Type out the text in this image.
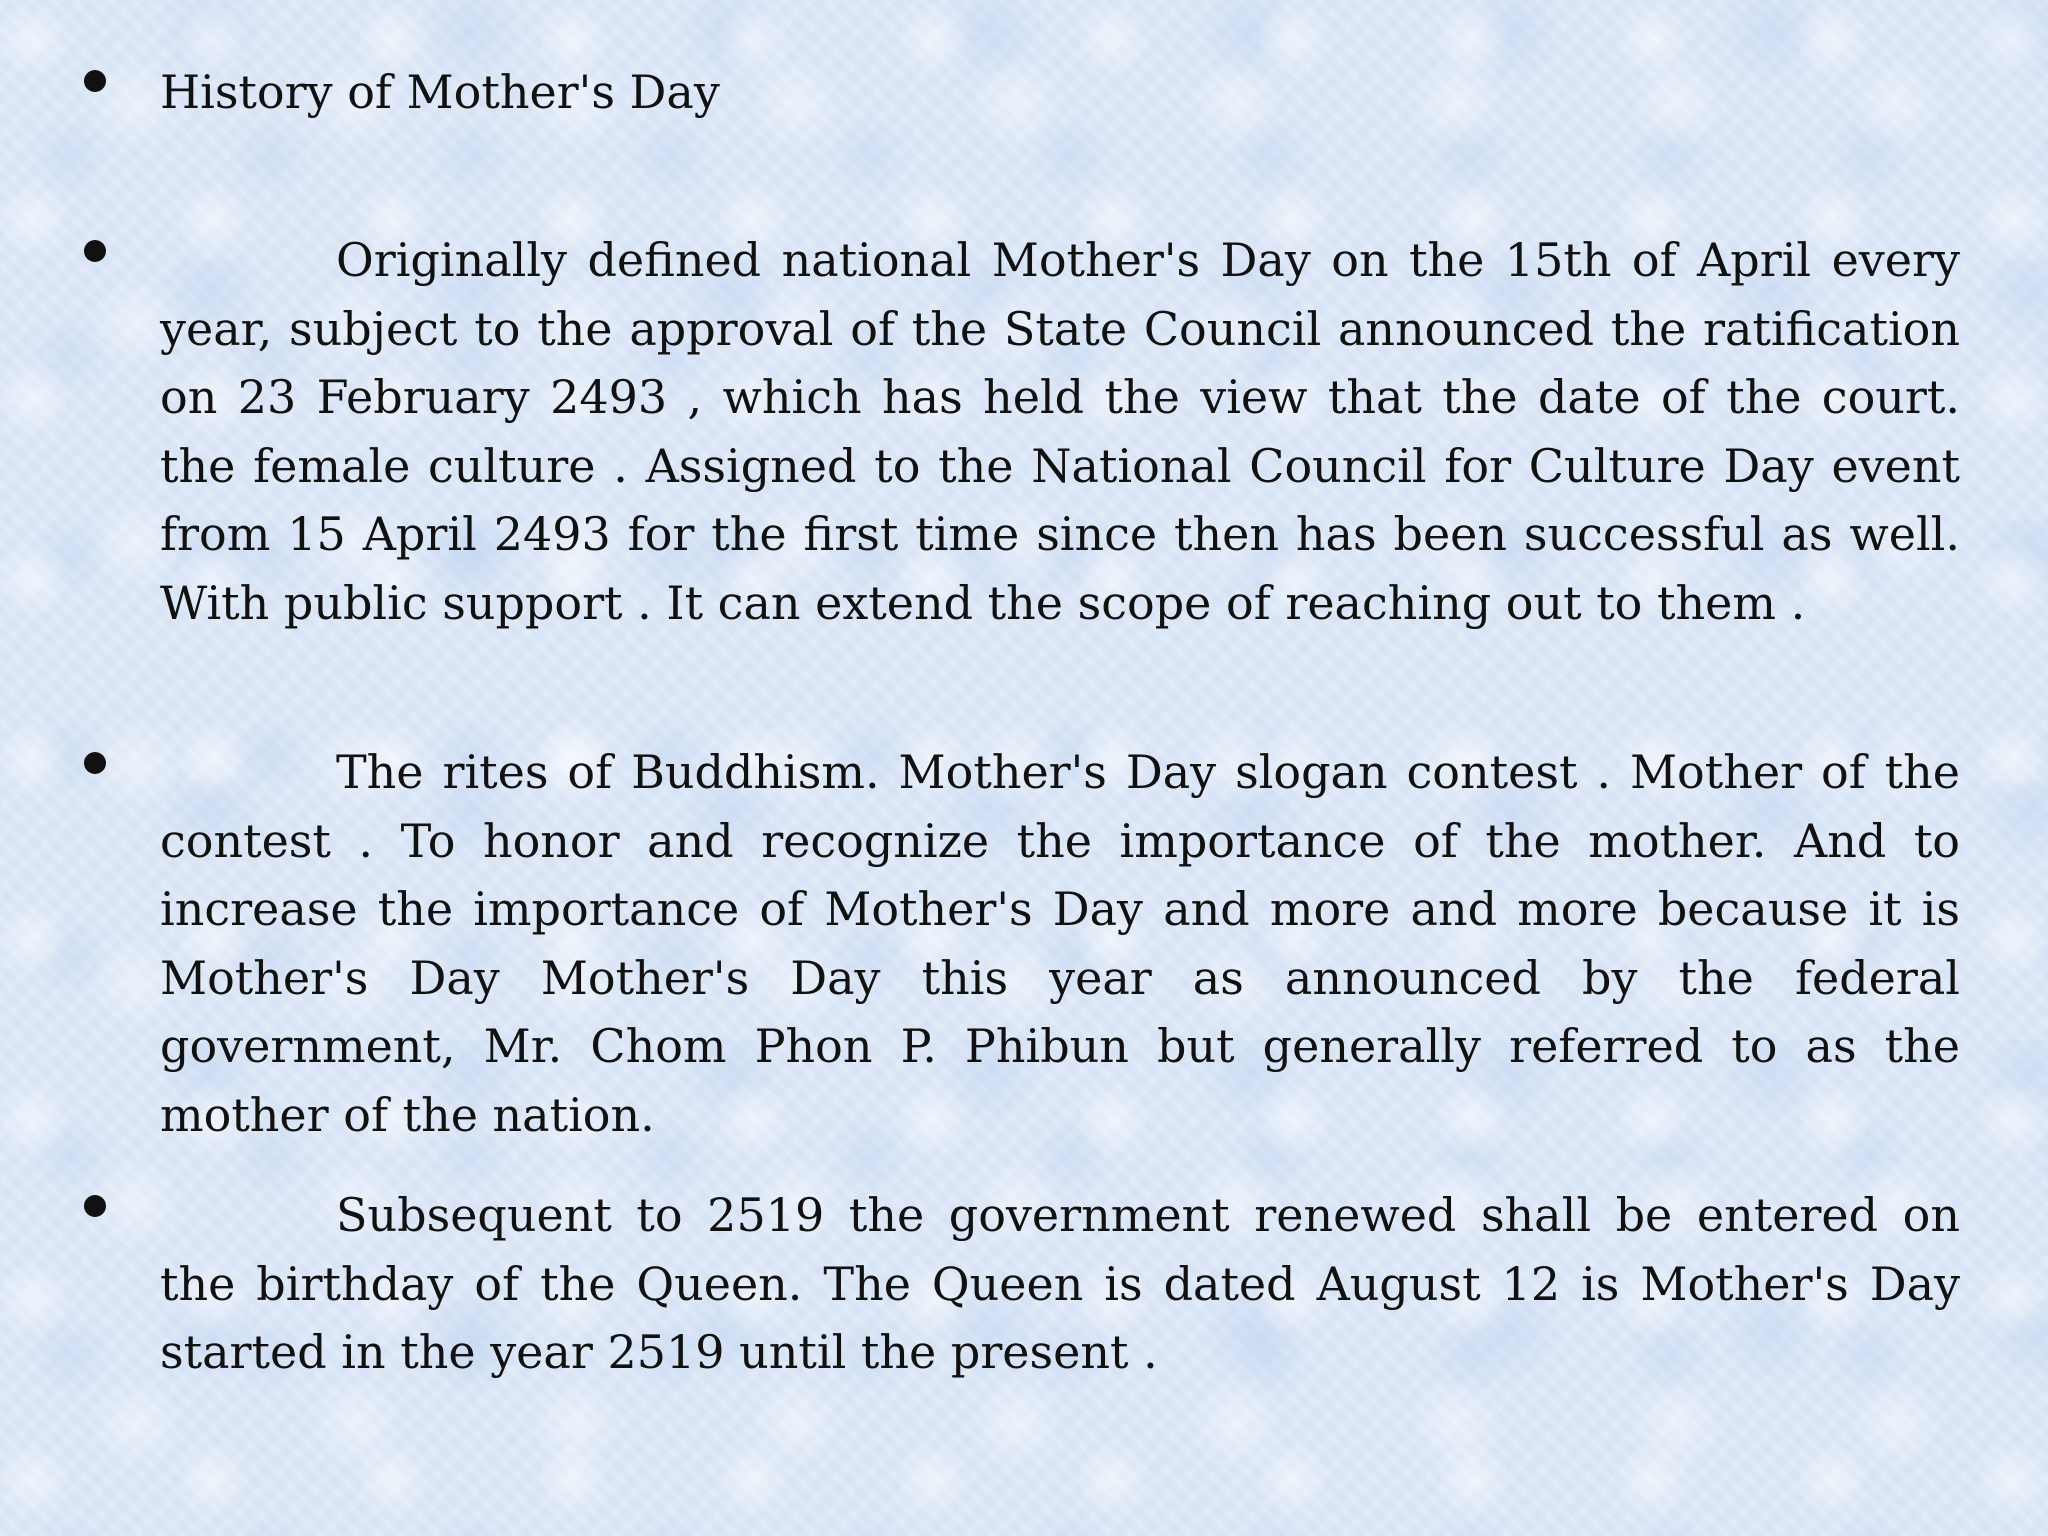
History of Mother's Day

Originally defined national Mother's Day on the 15th of April every year, subject to the approval of the State Council announced the ratification on 23 February 2493 , which has held the view that the date of the court. the female culture . Assigned to the National Council for Culture Day event from 15 April 2493 for the first time since then has been successful as well. With public support . It can extend the scope of reaching out to them .

The rites of Buddhism. Mother's Day slogan contest . Mother of the contest . To honor and recognize the importance of the mother. And to increase the importance of Mother's Day and more and more because it is Mother's Day Mother's Day this year as announced by the federal government, Mr. Chom Phon P. Phibun but generally referred to as the mother of the nation.

Subsequent to 2519 the government renewed shall be entered on the birthday of the Queen. The Queen is dated August 12 is Mother's Day started in the year 2519 until the present .
